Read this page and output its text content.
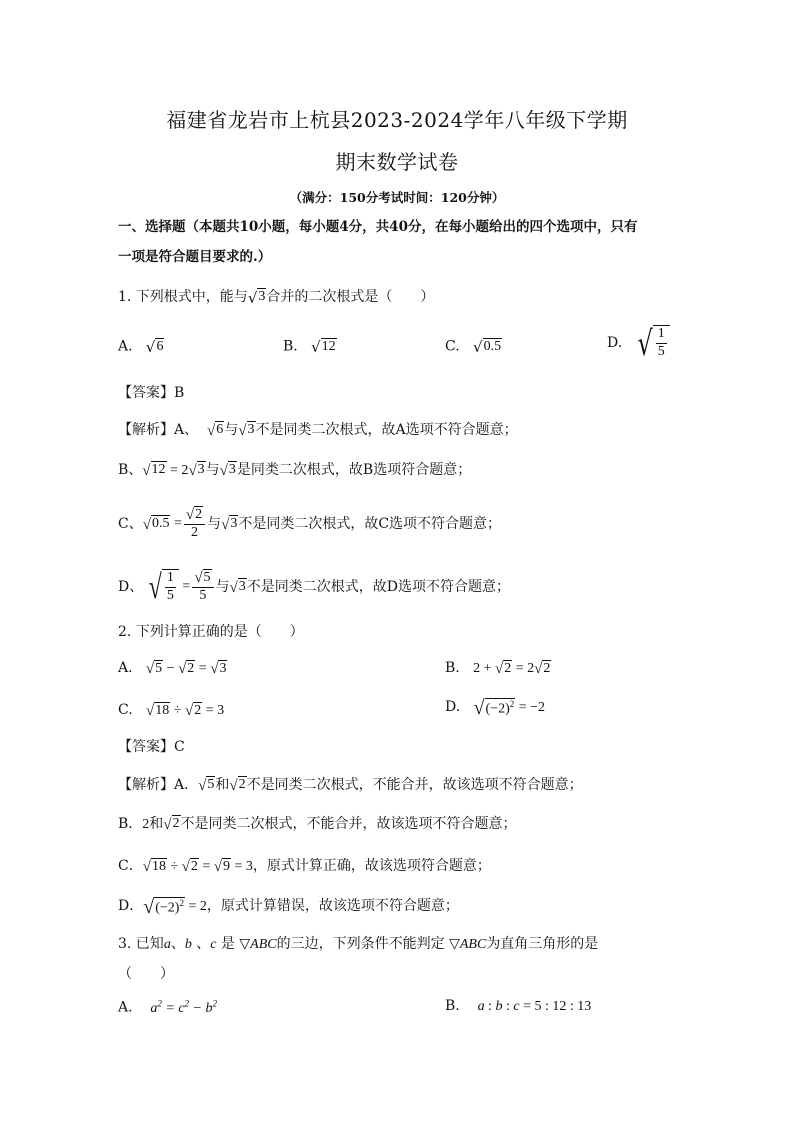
福建省龙岩市上杭县2023-2024学年八年级下学期
期末数学试卷
（满分：150分考试时间：120分钟）
一、选择题（本题共10小题，每小题4分，共40分，在每小题给出的四个选项中，只有
一项是符合题目要求的.）
1. 下列根式中，能与 √ 3 合并的二次根式是（　　）
A. √ 6	B. √ 12	C. √ 0.5	D. √ $\frac{1}{5}$
【答案】B
【解析】A、 √ 6 与 √ 3 不是同类二次根式，故A选项不符合题意；
B、 √ 12 = 2 √ 3 与 √ 3 是同类二次根式，故B选项符合题意；
C、 √ $0.5 = \frac{√ 2}{2}$ 与 √ 3 不是同类二次根式，故C选项不符合题意；
D、 √ $\frac{1}{5} = \frac{√ 5}{5}$ 与 √ 3 不是同类二次根式，故D选项不符合题意；
2. 下列计算正确的是（　　）
A. √ 5 − √ 2 = √ 3	B. 2 + √ 2 = 2 √ 2
C. √ 18 ÷ √ 2 = 3	D. √ $(-2)^2 = -2$
【答案】C
【解析】A． √ 5 和 √ 2 不是同类二次根式，不能合并，故该选项不符合题意；
B．2和 √ 2 不是同类二次根式，不能合并，故该选项不符合题意；
C． √ 18 ÷ √ 2 = √ 9 = 3，原式计算正确，故该选项符合题意；
D． √ $(-2)^2 = 2$，原式计算错误，故该选项不符合题意；
3. 已知a、b 、c 是 ▽ABC的三边，下列条件不能判定 ▽ABC为直角三角形的是
（　　）
A. $a^2 = c^2 - b^2$	B. a : b : c = 5 : 12 : 13
